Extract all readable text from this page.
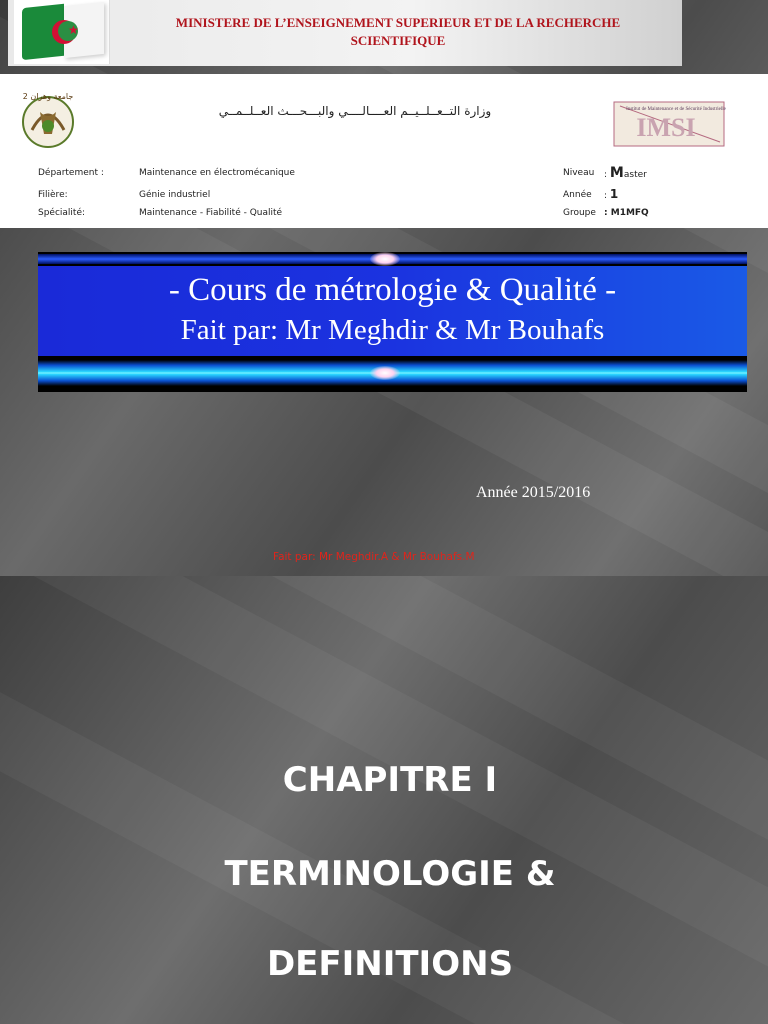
★	MINISTERE DE L’ENSEIGNEMENT SUPERIEUR ET DE LA RECHERCHE
SCIENTIFIQUE
جامعة وهران 2
وزارة التــعــلــيــم العــــالــــي والبـــحـــث العــلــمــي
IMSI
Institut de Maintenance et de Sécurité Industrielle
Département :	Maintenance en électromécanique
Filière:	Génie industriel
Spécialité:	Maintenance - Fiabilité - Qualité
Niveau : Master
Année : 1
Groupe : M1MFQ
- Cours de métrologie & Qualité -
Fait par: Mr Meghdir & Mr Bouhafs
Année 2015/2016
Fait par: Mr Meghdir.A & Mr Bouhafs.M
CHAPITRE I
TERMINOLOGIE &
DEFINITIONS
